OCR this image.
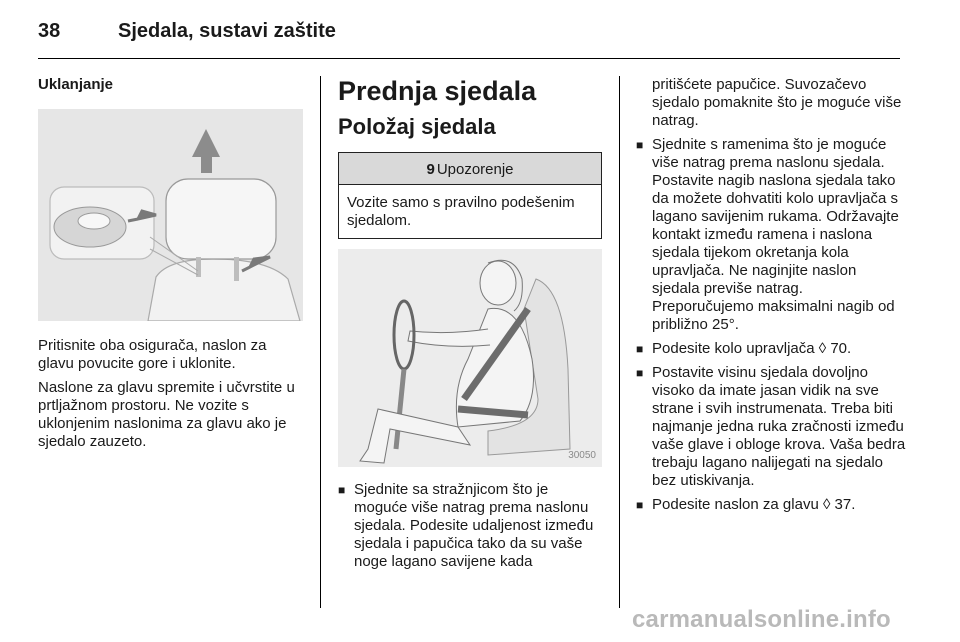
38	Sjedala, sustavi zaštite
Uklanjanje

Pritisnite oba osigurača, naslon za glavu povucite gore i uklonite.

Naslone za glavu spremite i učvrstite u prtljažnom prostoru. Ne vozite s uklonjenim naslonima za glavu ako je sjedalo zauzeto.

Prednja sjedala
Položaj sjedala
9 Upozorenje
Vozite samo s pravilno podešenim sjedalom.
30050
■ Sjednite sa stražnjicom što je moguće više natrag prema naslonu sjedala. Podesite udaljenost između sjedala i papučica tako da su vaše noge lagano savijene kada
pritišćete papučice. Suvozačevo sjedalo pomaknite što je moguće više natrag.
■ Sjednite s ramenima što je moguće više natrag prema naslonu sjedala. Postavite nagib naslona sjedala tako da možete dohvatiti kolo upravljača s lagano savijenim rukama. Održavajte kontakt između ramena i naslona sjedala tijekom okretanja kola upravljača. Ne naginjite naslon sjedala previše natrag. Preporučujemo maksimalni nagib od približno 25°.
■ Podesite kolo upravljača ◊ 70.
■ Postavite visinu sjedala dovoljno visoko da imate jasan vidik na sve strane i svih instrumenata. Treba biti najmanje jedna ruka zračnosti između vaše glave i obloge krova. Vaša bedra trebaju lagano nalijegati na sjedalo bez utiskivanja.
■ Podesite naslon za glavu ◊ 37.
carmanualsonline.info
